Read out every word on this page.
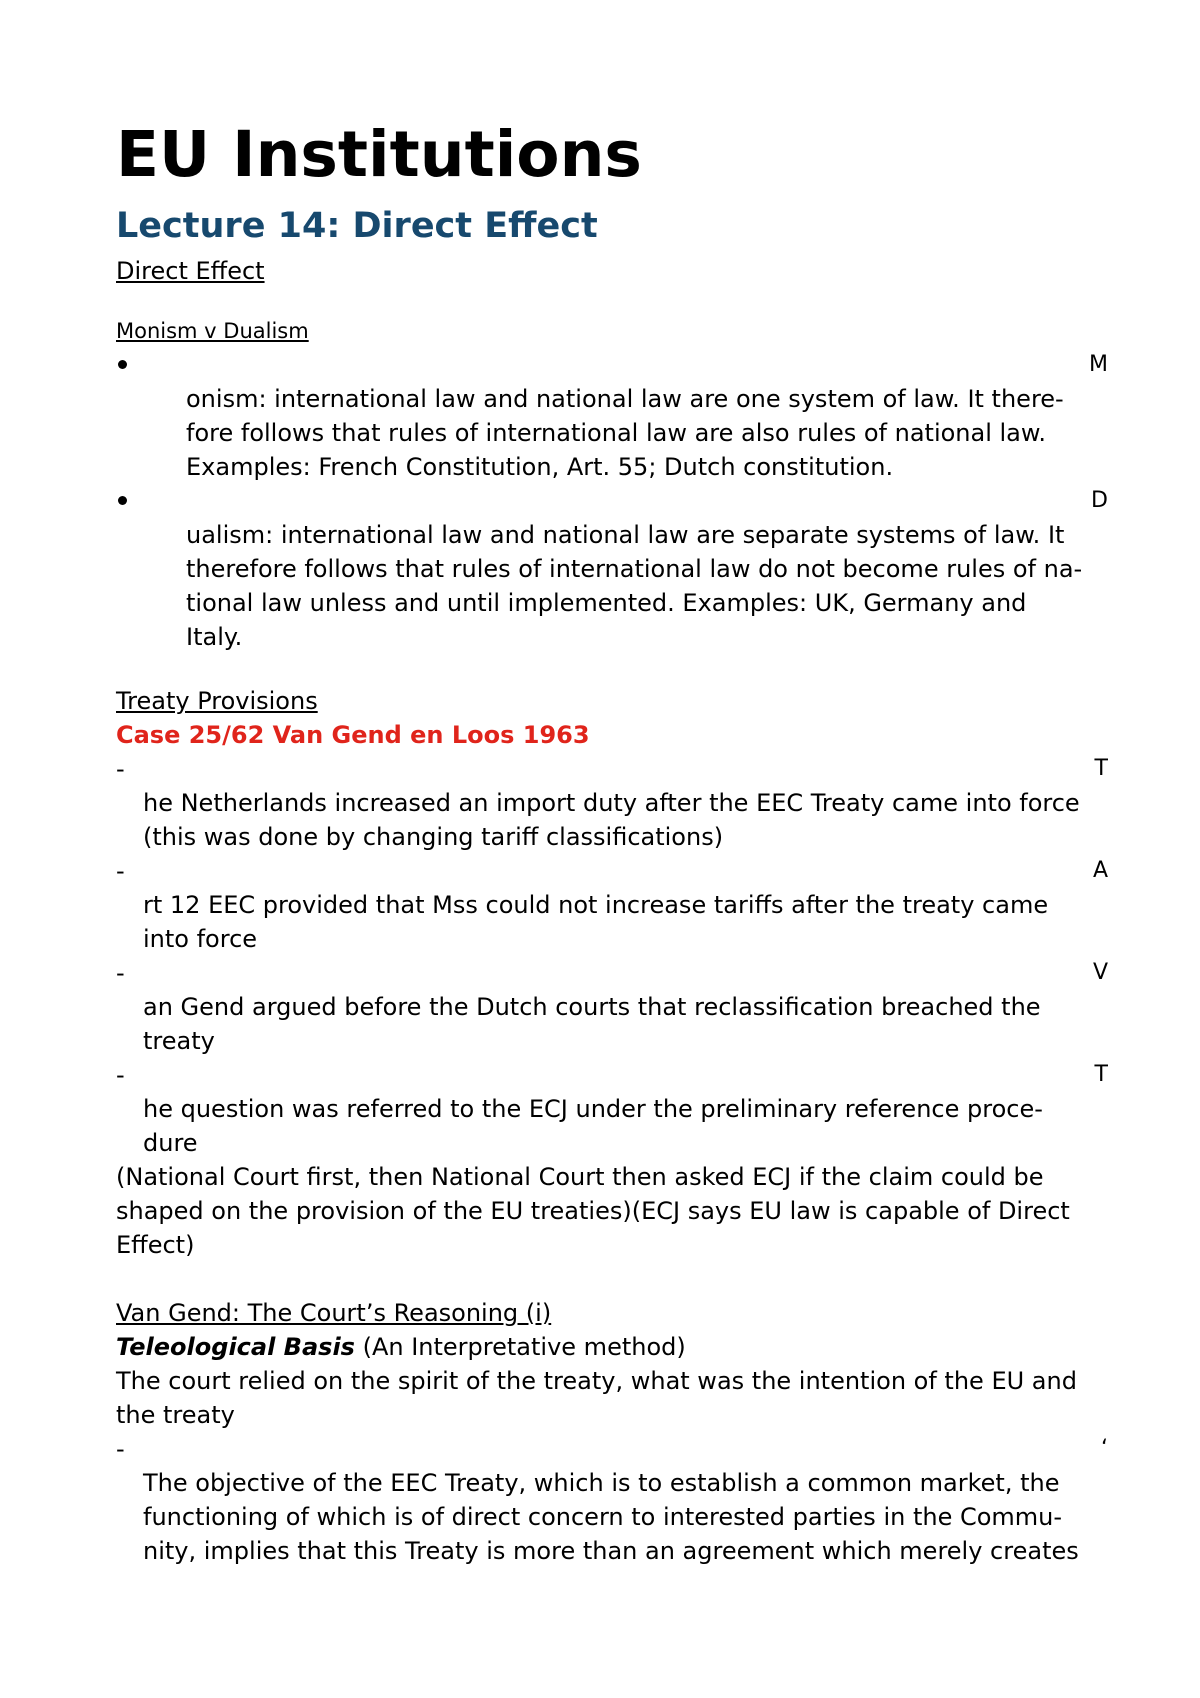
EU Institutions
Lecture 14: Direct Effect
Direct Effect
Monism v Dualism
M
onism: international law and national law are one system of law. It there-
fore follows that rules of international law are also rules of national law.
Examples: French Constitution, Art. 55; Dutch constitution.
D
ualism: international law and national law are separate systems of law. It
therefore follows that rules of international law do not become rules of na-
tional law unless and until implemented. Examples: UK, Germany and
Italy.
Treaty Provisions
Case 25/62 Van Gend en Loos 1963
-	T
he Netherlands increased an import duty after the EEC Treaty came into force
(this was done by changing tariff classifications)
-	A
rt 12 EEC provided that Mss could not increase tariffs after the treaty came
into force
-	V
an Gend argued before the Dutch courts that reclassification breached the
treaty
-	T
he question was referred to the ECJ under the preliminary reference proce-
dure
(National Court first, then National Court then asked ECJ if the claim could be
shaped on the provision of the EU treaties)(ECJ says EU law is capable of Direct
Effect)
Van Gend: The Court’s Reasoning (i)
Teleological Basis (An Interpretative method)
The court relied on the spirit of the treaty, what was the intention of the EU and
the treaty
-	‘
The objective of the EEC Treaty, which is to establish a common market, the
functioning of which is of direct concern to interested parties in the Commu-
nity, implies that this Treaty is more than an agreement which merely creates
